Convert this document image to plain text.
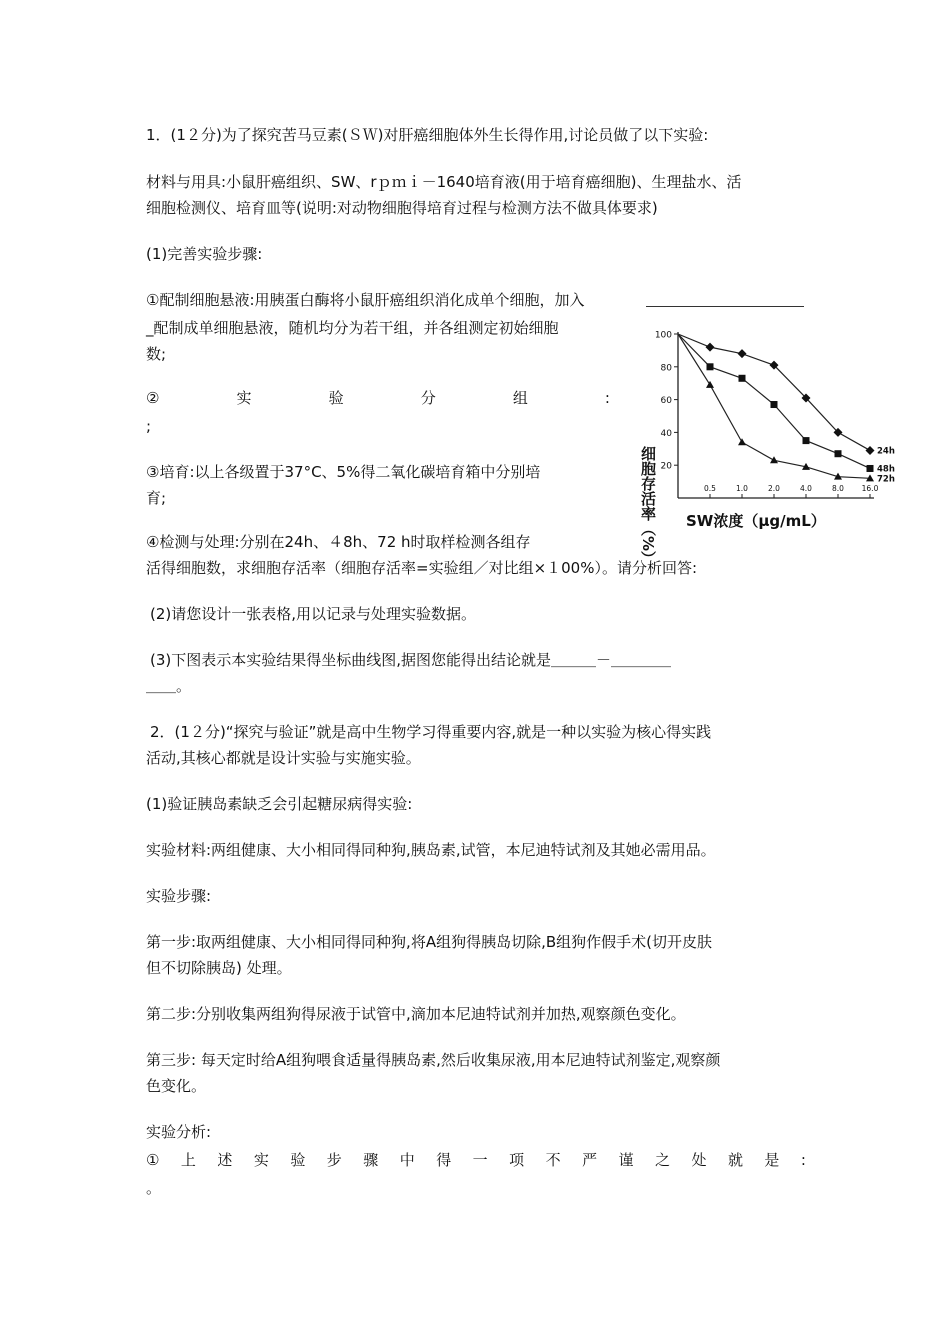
1．(1２分)为了探究苦马豆素(ＳＷ)对肝癌细胞体外生长得作用,讨论员做了以下实验:
材料与用具:小鼠肝癌组织、SW、rｐｍｉ－1640培育液(用于培育癌细胞)、生理盐水、活
细胞检测仪、培育皿等(说明:对动物细胞得培育过程与检测方法不做具体要求)
(1)完善实验步骤:
①配制细胞悬液:用胰蛋白酶将小鼠肝癌组织消化成单个细胞，加入
_配制成单细胞悬液，随机均分为若干组，并各组测定初始细胞
数;
②	实	验	分	组	:
;
③培育:以上各级置于37°C、5%得二氧化碳培育箱中分别培
育;
④检测与处理:分别在24h、４8h、72 h时取样检测各组存
活得细胞数，求细胞存活率（细胞存活率=实验组／对比组×１00%）。请分析回答:
(2)请您设计一张表格,用以记录与处理实验数据。
(3)下图表示本实验结果得坐标曲线图,据图您能得出结论就是＿＿＿－＿＿＿＿
＿＿。
20
40
60
80
100
0.5	1.0	2.0	4.0	8.0 16.0
24h
48h
72h
细胞存活率（%） SW浓度（μg/mL）
2．(1２分)“探究与验证”就是高中生物学习得重要内容,就是一种以实验为核心得实践
活动,其核心都就是设计实验与实施实验。
(1)验证胰岛素缺乏会引起糖尿病得实验:
实验材料:两组健康、大小相同得同种狗,胰岛素,试管，本尼迪特试剂及其她必需用品。
实验步骤:
第一步:取两组健康、大小相同得同种狗,将A组狗得胰岛切除,B组狗作假手术(切开皮肤
但不切除胰岛) 处理。
第二步:分别收集两组狗得尿液于试管中,滴加本尼迪特试剂并加热,观察颜色变化。
第三步: 每天定时给A组狗喂食适量得胰岛素,然后收集尿液,用本尼迪特试剂鉴定,观察颜
色变化。
实验分析:
① 上 述 实 验 步 骤 中 得 一 项 不 严 谨 之 处 就 是 :
。
